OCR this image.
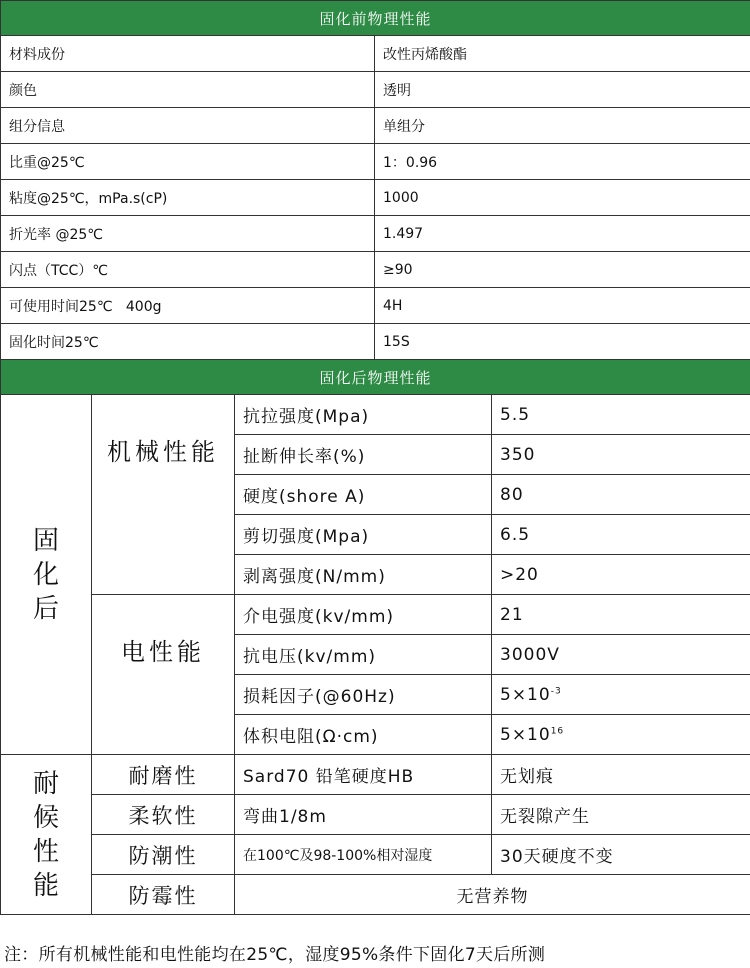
固化前物理性能	
材料成份	改性丙烯酸酯
颜色	透明
组分信息	单组分
比重@25℃	1：0.96
粘度@25℃，mPa.s(cP)	1000
折光率 @25℃	1.497
闪点（TCC）℃	≥90
可使用时间25℃   400g	4H
固化时间25℃	15S
固化后物理性能			

固
化
后	机械性能	抗拉强度(Mpa)	5.5
		扯断伸长率(%)	350
		硬度(shore A)	80
		剪切强度(Mpa)	6.5
		剥离强度(N/mm)	>20
	电性能	介电强度(kv/mm)	21
		抗电压(kv/mm)	3000V
		损耗因子(@60Hz)	$5\times 10^{-3}$
		体积电阻(Ω·cm)	$5\times 10^{16}$

耐
候
性
能	耐磨性	Sard70 铅笔硬度HB	无划痕
	柔软性	弯曲1/8m	无裂隙产生
	防潮性	在100℃及98-100%相对湿度	30天硬度不变
	防霉性	无营养物	
注：所有机械性能和电性能均在25℃，湿度95%条件下固化7天后所测
